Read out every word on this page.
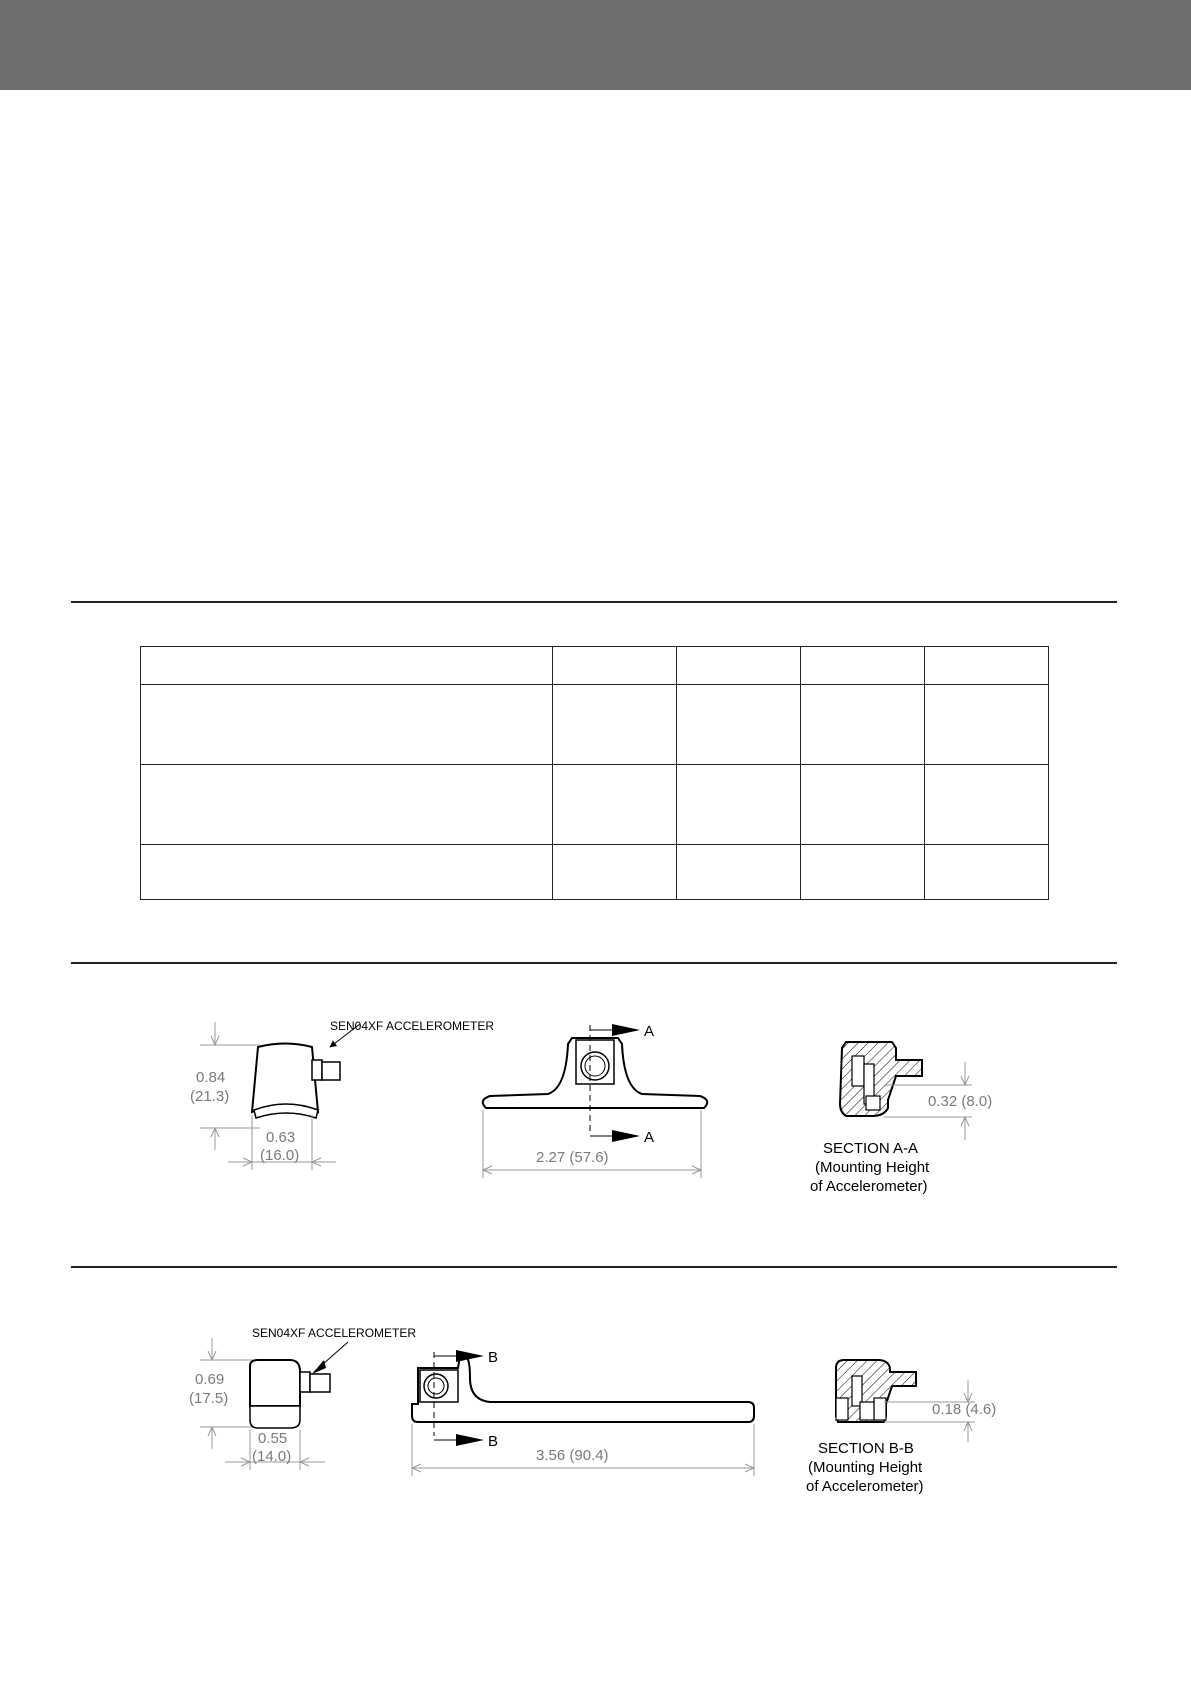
SEN04XF ACCELEROMETER
0.84
(21.3)
0.63
(16.0)
A
A
2.27 (57.6)
0.32 (8.0)
SECTION A-A
(Mounting Height
of Accelerometer)
SEN04XF ACCELEROMETER
0.69
(17.5)
0.55
(14.0)
B
B
3.56 (90.4)
0.18 (4.6)
SECTION B-B
(Mounting Height
of Accelerometer)
